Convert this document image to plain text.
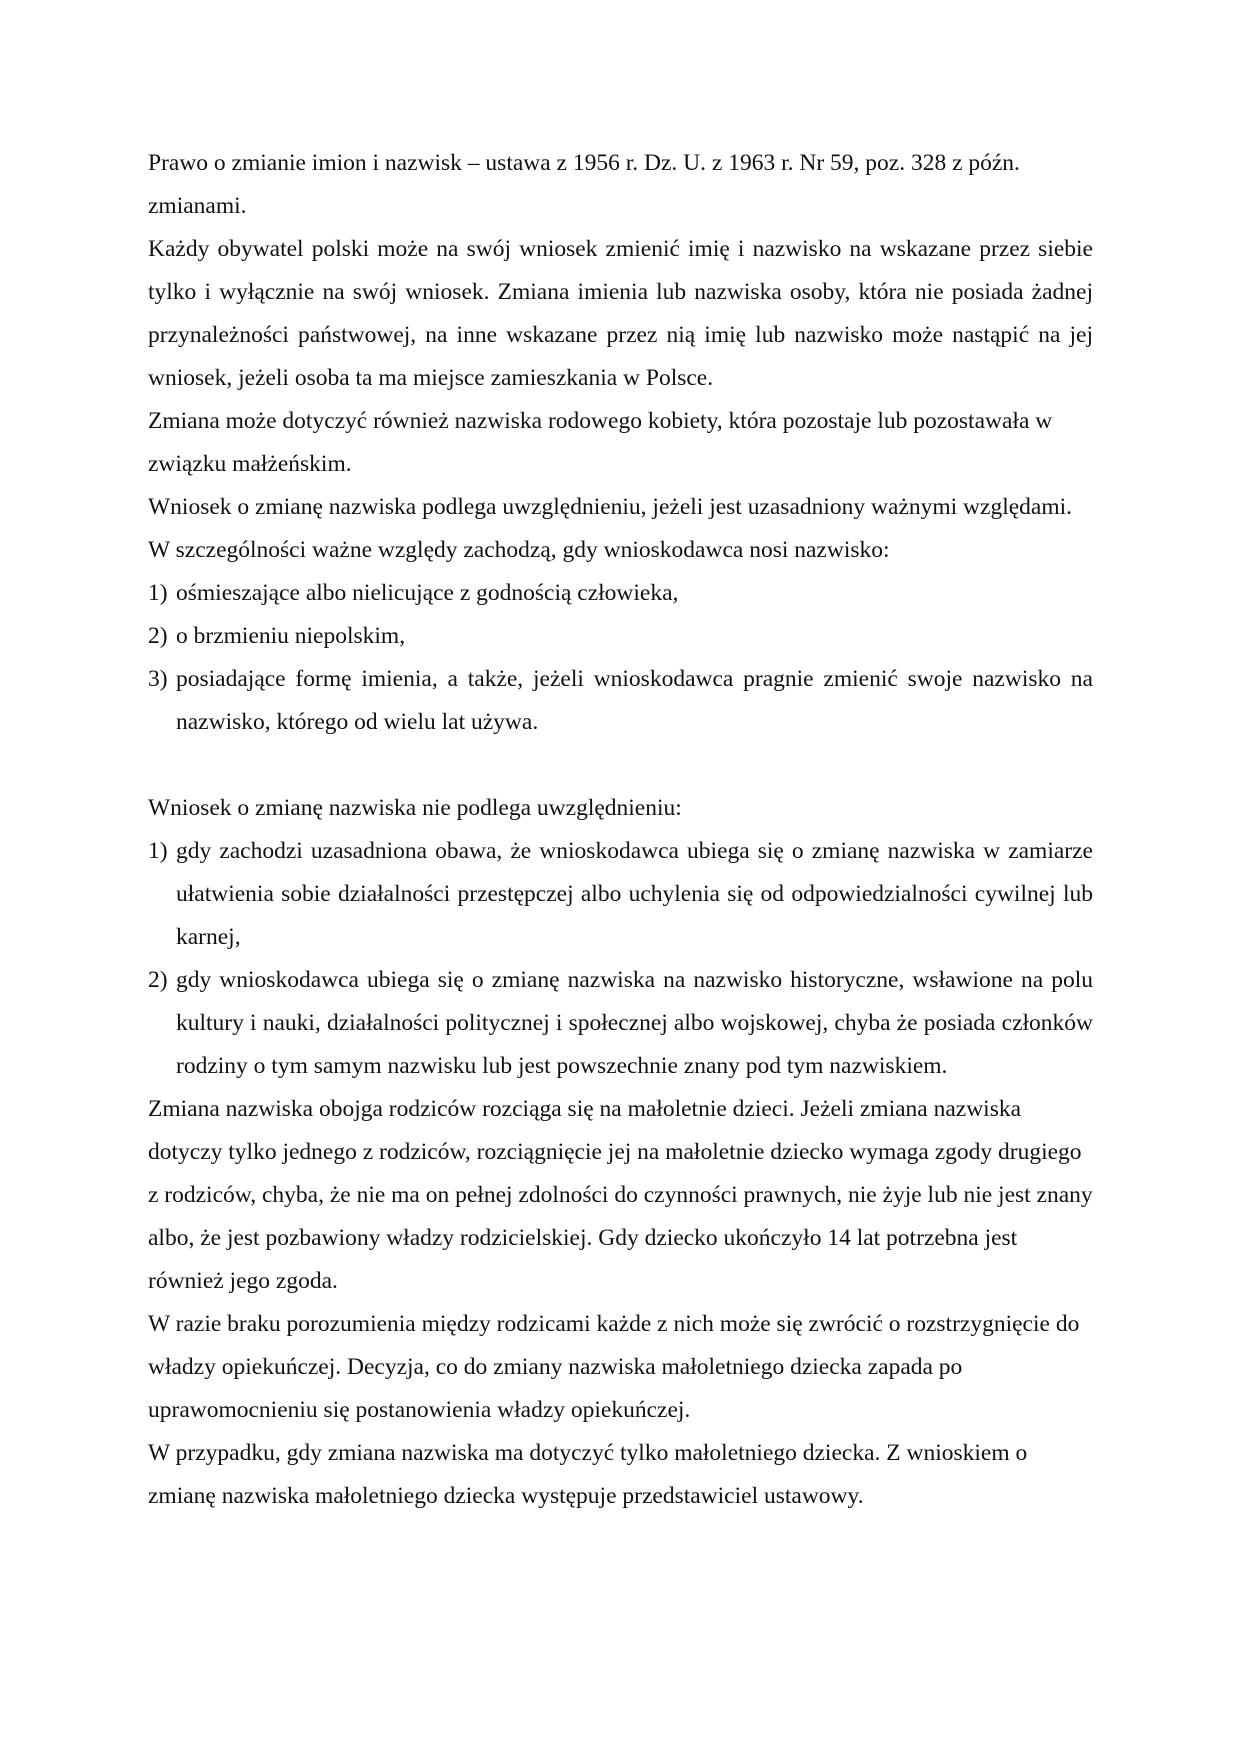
Prawo o zmianie imion i nazwisk – ustawa z 1956 r. Dz. U. z 1963 r. Nr 59, poz. 328 z późn. zmianami.

Każdy obywatel polski może na swój wniosek zmienić imię i nazwisko na wskazane przez siebie tylko i wyłącznie na swój wniosek. Zmiana imienia lub nazwiska osoby, która nie posiada żadnej przynależności państwowej, na inne wskazane przez nią imię lub nazwisko może nastąpić na jej wniosek, jeżeli osoba ta ma miejsce zamieszkania w Polsce.

Zmiana może dotyczyć również nazwiska rodowego kobiety, która pozostaje lub pozostawała w związku małżeńskim.

Wniosek o zmianę nazwiska podlega uwzględnieniu, jeżeli jest uzasadniony ważnymi względami. W szczególności ważne względy zachodzą, gdy wnioskodawca nosi nazwisko:

1) ośmieszające albo nielicujące z godnością człowieka,
2) o brzmieniu niepolskim,
3) posiadające formę imienia, a także, jeżeli wnioskodawca pragnie zmienić swoje nazwisko na nazwisko, którego od wielu lat używa.

Wniosek o zmianę nazwiska nie podlega uwzględnieniu:

1) gdy zachodzi uzasadniona obawa, że wnioskodawca ubiega się o zmianę nazwiska w zamiarze ułatwienia sobie działalności przestępczej albo uchylenia się od odpowiedzialności cywilnej lub karnej,
2) gdy wnioskodawca ubiega się o zmianę nazwiska na nazwisko historyczne, wsławione na polu kultury i nauki, działalności politycznej i społecznej albo wojskowej, chyba że posiada członków rodziny o tym samym nazwisku lub jest powszechnie znany pod tym nazwiskiem.

Zmiana nazwiska obojga rodziców rozciąga się na małoletnie dzieci. Jeżeli zmiana nazwiska dotyczy tylko jednego z rodziców, rozciągnięcie jej na małoletnie dziecko wymaga zgody drugiego z rodziców, chyba, że nie ma on pełnej zdolności do czynności prawnych, nie żyje lub nie jest znany albo, że jest pozbawiony władzy rodzicielskiej. Gdy dziecko ukończyło 14 lat potrzebna jest również jego zgoda.

W razie braku porozumienia między rodzicami każde z nich może się zwrócić o rozstrzygnięcie do władzy opiekuńczej. Decyzja, co do zmiany nazwiska małoletniego dziecka zapada po uprawomocnieniu się postanowienia władzy opiekuńczej.

W przypadku, gdy zmiana nazwiska ma dotyczyć tylko małoletniego dziecka. Z wnioskiem o zmianę nazwiska małoletniego dziecka występuje przedstawiciel ustawowy.
